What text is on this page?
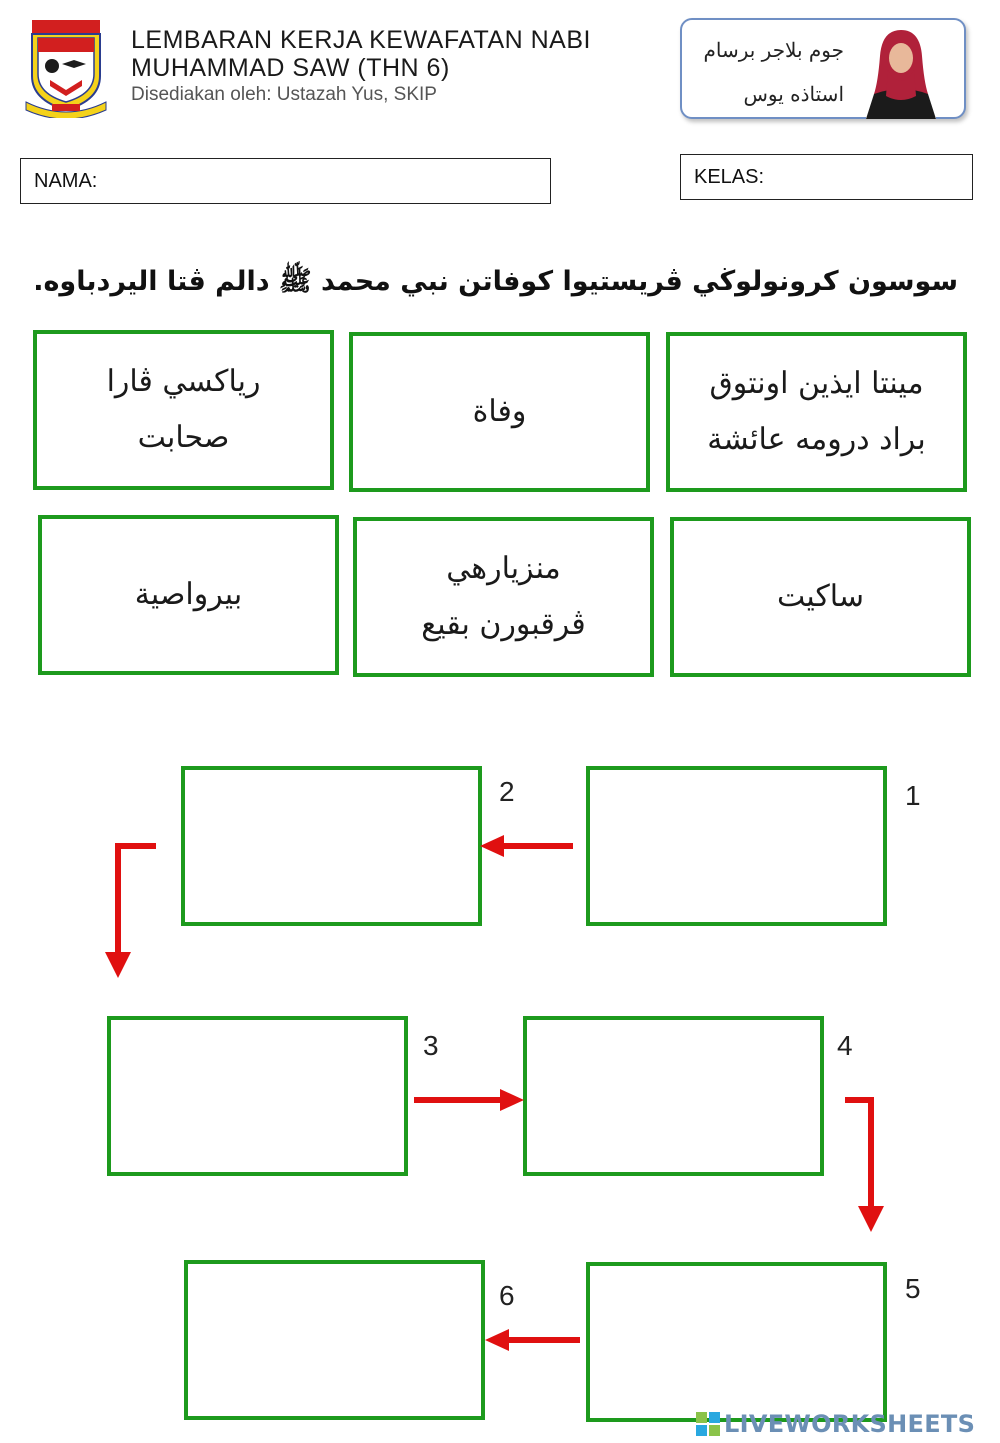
LEMBARAN KERJA KEWAFATAN NABI
MUHAMMAD SAW (THN 6)
Disediakan oleh: Ustazah Yus, SKIP
جوم بلاجر برسام
استاذه يوس
NAMA:	KELAS:
سوسون كرونولوڬي ڤريستيوا كوفاتن نبي محمد ﷺ دالم ڤتا اليردباوه.
مينتا ايذين اونتوق
براد درومه عائشة
وفاة
رياكسي ڤارا
صحابت
ساكيت
منزيارهي
ڤرقبورن بقيع
بيرواصية
1
2
3	4
5
6
LIVEWORKSHEETS
